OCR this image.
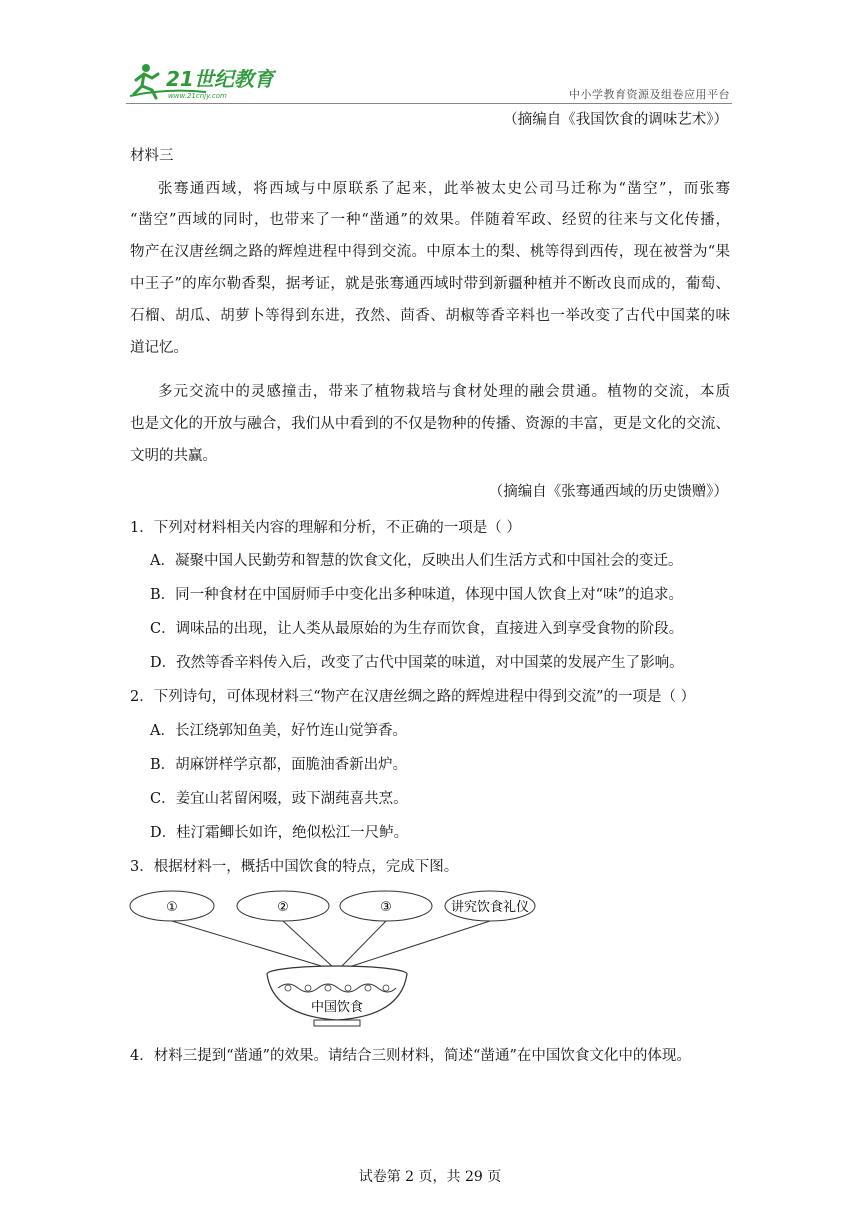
21世纪教育
www.21cnjy.com	中小学教育资源及组卷应用平台
（摘编自《我国饮食的调味艺术》）
材料三
张骞通西域，将西域与中原联系了起来，此举被太史公司马迁称为“凿空”，而张骞
“凿空”西域的同时，也带来了一种“凿通”的效果。伴随着军政、经贸的往来与文化传播，
物产在汉唐丝绸之路的辉煌进程中得到交流。中原本土的梨、桃等得到西传，现在被誉为“果
中王子”的库尔勒香梨，据考证，就是张骞通西域时带到新疆种植并不断改良而成的，葡萄、
石榴、胡瓜、胡萝卜等得到东进，孜然、茴香、胡椒等香辛料也一举改变了古代中国菜的味
道记忆。
多元交流中的灵感撞击，带来了植物栽培与食材处理的融会贯通。植物的交流，本质
也是文化的开放与融合，我们从中看到的不仅是物种的传播、资源的丰富，更是文化的交流、
文明的共赢。
（摘编自《张骞通西域的历史馈赠》）
1．下列对材料相关内容的理解和分析，不正确的一项是（ ）
A．凝聚中国人民勤劳和智慧的饮食文化，反映出人们生活方式和中国社会的变迁。
B．同一种食材在中国厨师手中变化出多种味道，体现中国人饮食上对“味”的追求。
C．调味品的出现，让人类从最原始的为生存而饮食，直接进入到享受食物的阶段。
D．孜然等香辛料传入后，改变了古代中国菜的味道，对中国菜的发展产生了影响。
2．下列诗句，可体现材料三“物产在汉唐丝绸之路的辉煌进程中得到交流”的一项是（ ）
A．长江绕郭知鱼美，好竹连山觉笋香。
B．胡麻饼样学京都，面脆油香新出炉。
C．姜宜山茗留闲啜，豉下湖莼喜共烹。
D．桂汀霜鲫长如许，绝似松江一尺鲈。
3．根据材料一，概括中国饮食的特点，完成下图。
①	②	③	讲究饮食礼仪
中国饮食
4．材料三提到“凿通”的效果。请结合三则材料，简述“凿通”在中国饮食文化中的体现。
试卷第 2 页，共 29 页
